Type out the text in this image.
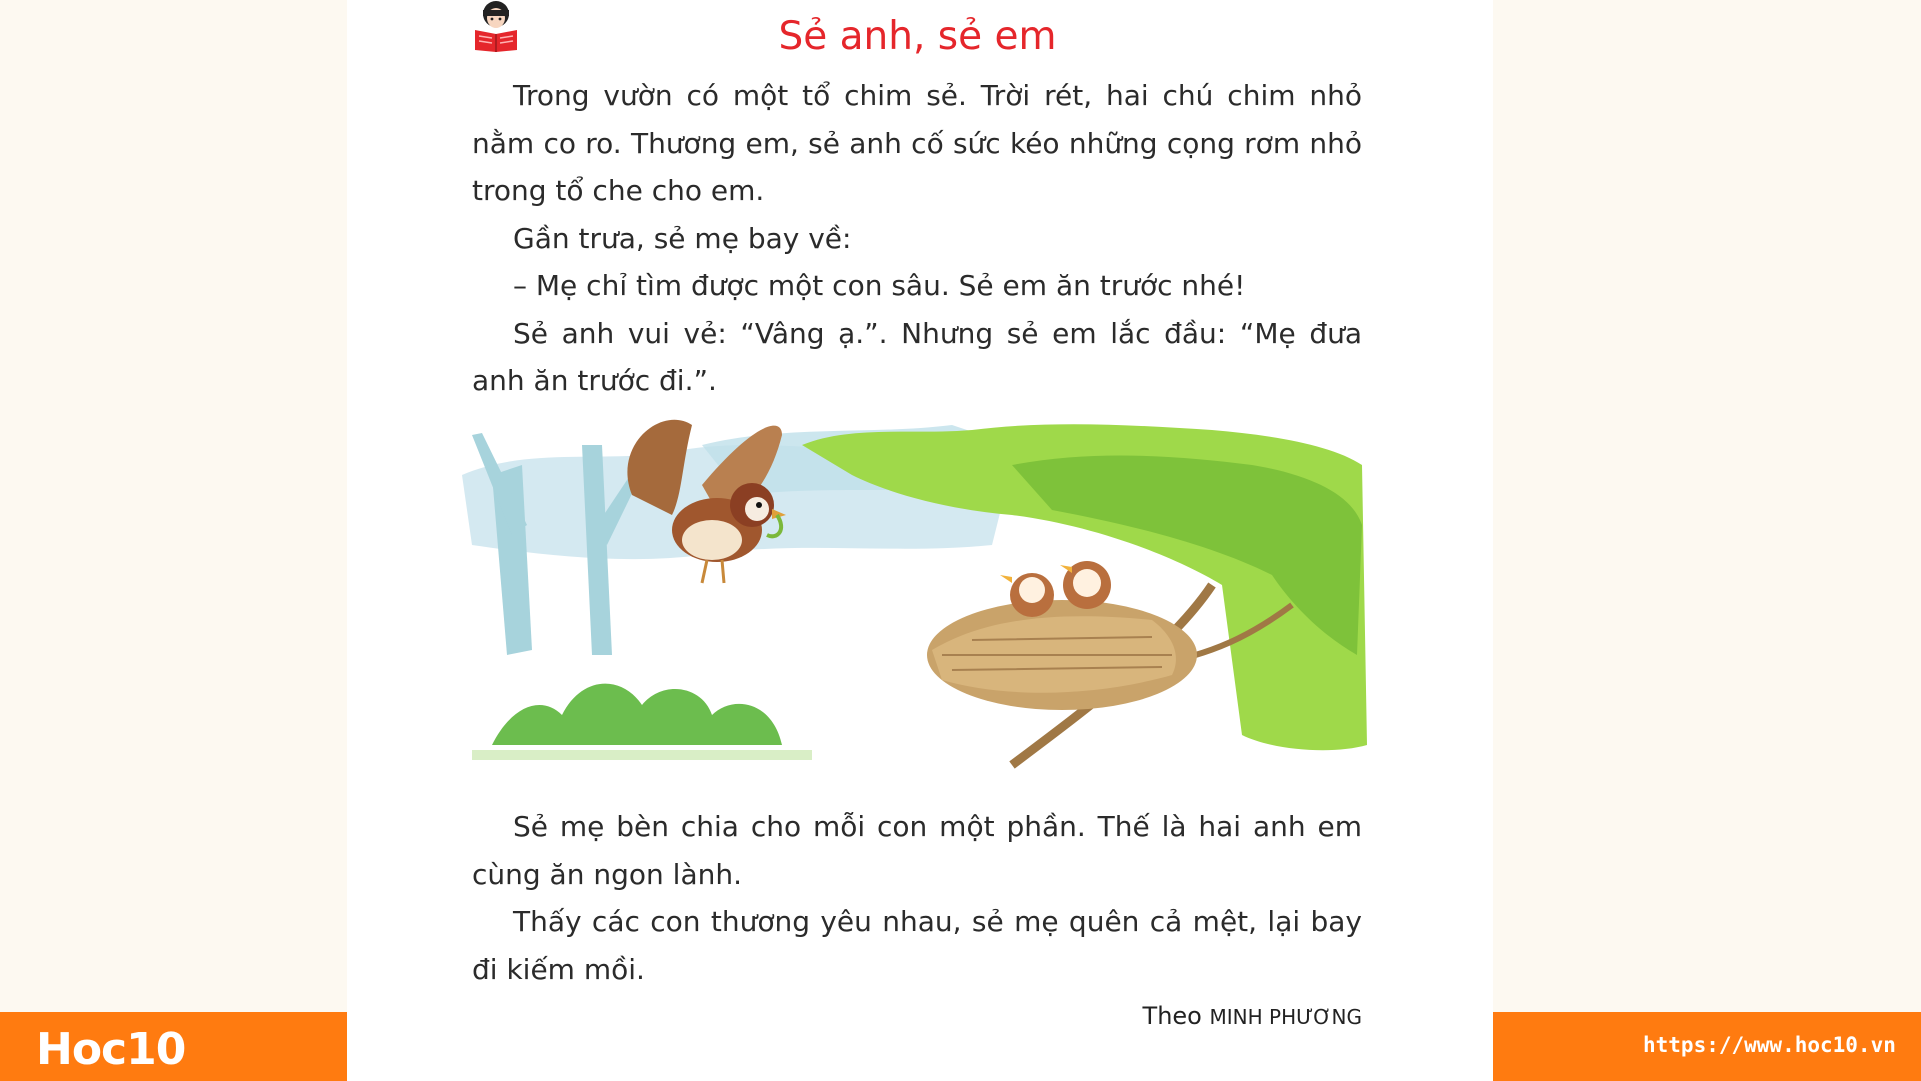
Sẻ anh, sẻ em

Trong vườn có một tổ chim sẻ. Trời rét, hai chú chim nhỏ nằm co ro. Thương em, sẻ anh cố sức kéo những cọng rơm nhỏ trong tổ che cho em.

Gần trưa, sẻ mẹ bay về:

– Mẹ chỉ tìm được một con sâu. Sẻ em ăn trước nhé!

Sẻ anh vui vẻ: “Vâng ạ.”. Nhưng sẻ em lắc đầu: “Mẹ đưa anh ăn trước đi.”.

Sẻ mẹ bèn chia cho mỗi con một phần. Thế là hai anh em cùng ăn ngon lành.

Thấy các con thương yêu nhau, sẻ mẹ quên cả mệt, lại bay đi kiếm mồi.

Theo MINH PHƯƠNG
Hoc10	https://www.hoc10.vn
